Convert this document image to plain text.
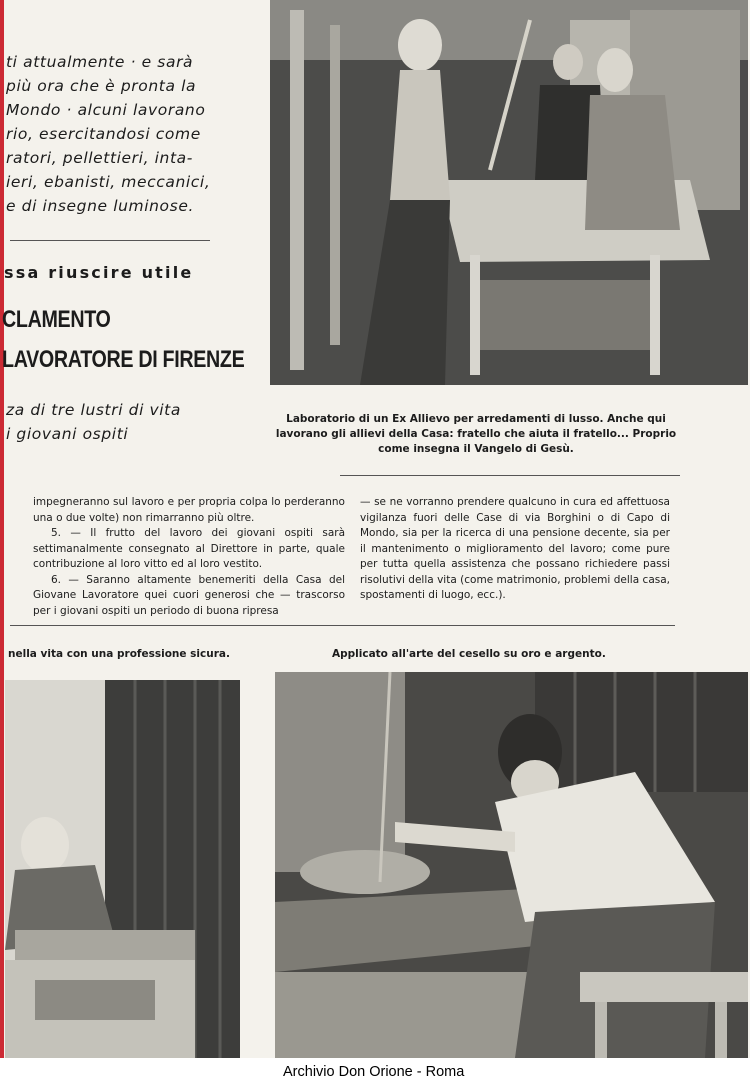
ti attualmente · e sarà
più ora che è pronta la
Mondo · alcuni lavorano
rio, esercitandosi come
ratori, pellettieri, inta-
ieri, ebanisti, meccanici,
e di insegne luminose.

ssa riuscire utile

CLAMENTO
LAVORATORE DI FIRENZE

za di tre lustri di vita
i giovani ospiti

Laboratorio di un Ex Allievo per arredamenti di lusso. Anche qui lavorano gli allievi della Casa: fratello che aiuta il fratello... Proprio come insegna il Vangelo di Gesù.

impegneranno sul lavoro e per propria colpa lo perderanno una o due volte) non rimarranno più oltre.

5. — Il frutto del lavoro dei giovani ospiti sarà settimanalmente consegnato al Direttore in parte, quale contribuzione al loro vitto ed al loro vestito.

6. — Saranno altamente benemeriti della Casa del Giovane Lavoratore quei cuori generosi che — trascorso per i giovani ospiti un periodo di buona ripresa

— se ne vorranno prendere qualcuno in cura ed affettuosa vigilanza fuori delle Case di via Borghini o di Capo di Mondo, sia per la ricerca di una pensione decente, sia per il mantenimento o miglioramento del lavoro; come pure per tutta quella assistenza che possano richiedere passi risolutivi della vita (come matrimonio, problemi della casa, spostamenti di luogo, ecc.).

nella vita con una professione sicura.	Applicato all'arte del cesello su oro e argento.

Archivio Don Orione - Roma
